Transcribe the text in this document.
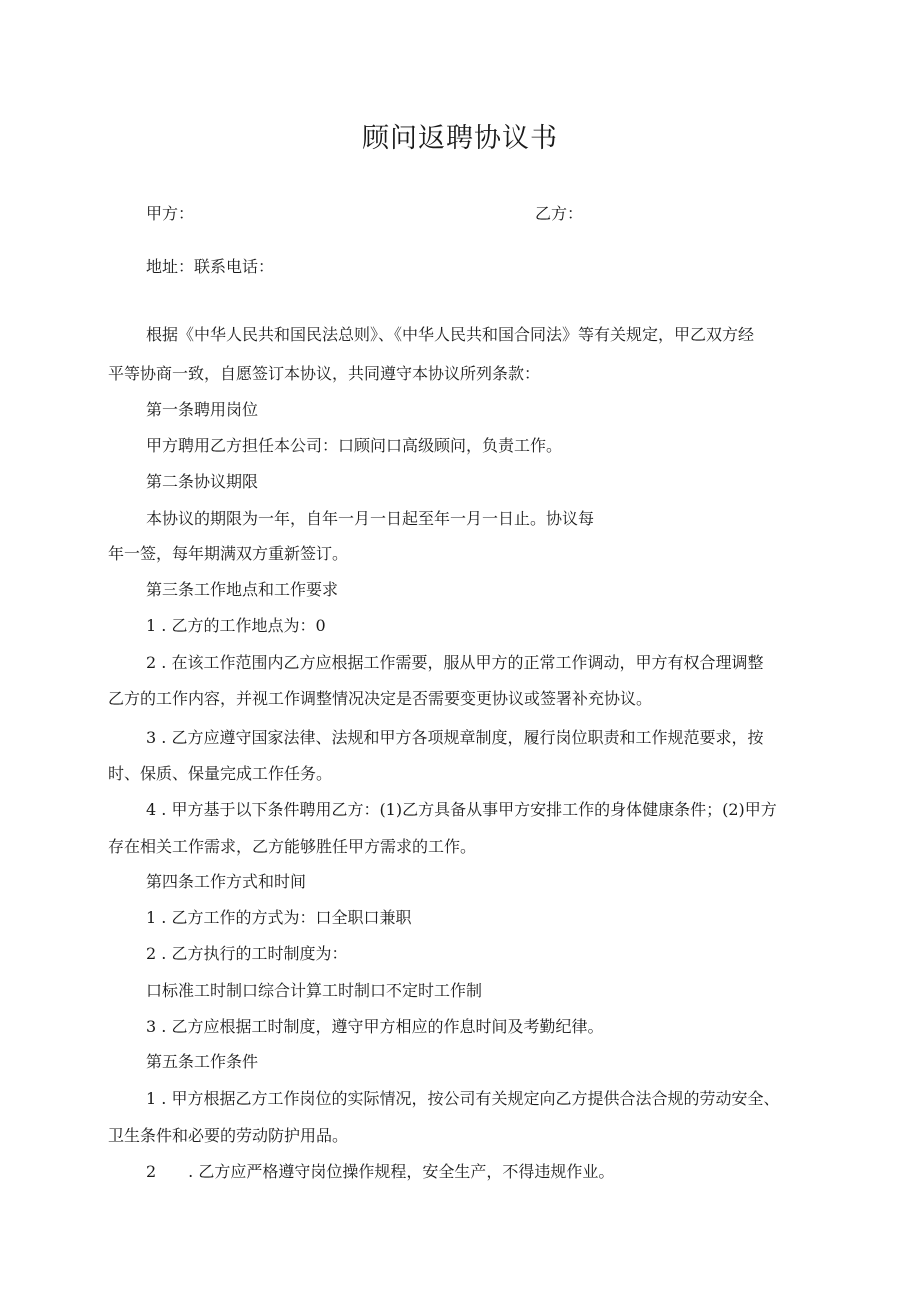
顾问返聘协议书
甲方：	乙方：
地址：联系电话：
根据《中华人民共和国民法总则》、《中华人民共和国合同法》等有关规定，甲乙双方经
平等协商一致，自愿签订本协议，共同遵守本协议所列条款：
第一条聘用岗位
甲方聘用乙方担任本公司：口顾问口高级顾问，负责工作。
第二条协议期限
本协议的期限为一年，自年一月一日起至年一月一日止。协议每
年一签，每年期满双方重新签订。
第三条工作地点和工作要求
1 . 乙方的工作地点为：0
2 . 在该工作范围内乙方应根据工作需要，服从甲方的正常工作调动，甲方有权合理调整
乙方的工作内容，并视工作调整情况决定是否需要变更协议或签署补充协议。
3 . 乙方应遵守国家法律、法规和甲方各项规章制度，履行岗位职责和工作规范要求，按
时、保质、保量完成工作任务。
4 . 甲方基于以下条件聘用乙方：(1)乙方具备从事甲方安排工作的身体健康条件；(2)甲方
存在相关工作需求，乙方能够胜任甲方需求的工作。
第四条工作方式和时间
1 . 乙方工作的方式为：口全职口兼职
2 . 乙方执行的工时制度为：
口标准工时制口综合计算工时制口不定时工作制
3 . 乙方应根据工时制度，遵守甲方相应的作息时间及考勤纪律。
第五条工作条件
1 . 甲方根据乙方工作岗位的实际情况，按公司有关规定向乙方提供合法合规的劳动安全、
卫生条件和必要的劳动防护用品。
2　　. 乙方应严格遵守岗位操作规程，安全生产，不得违规作业。
